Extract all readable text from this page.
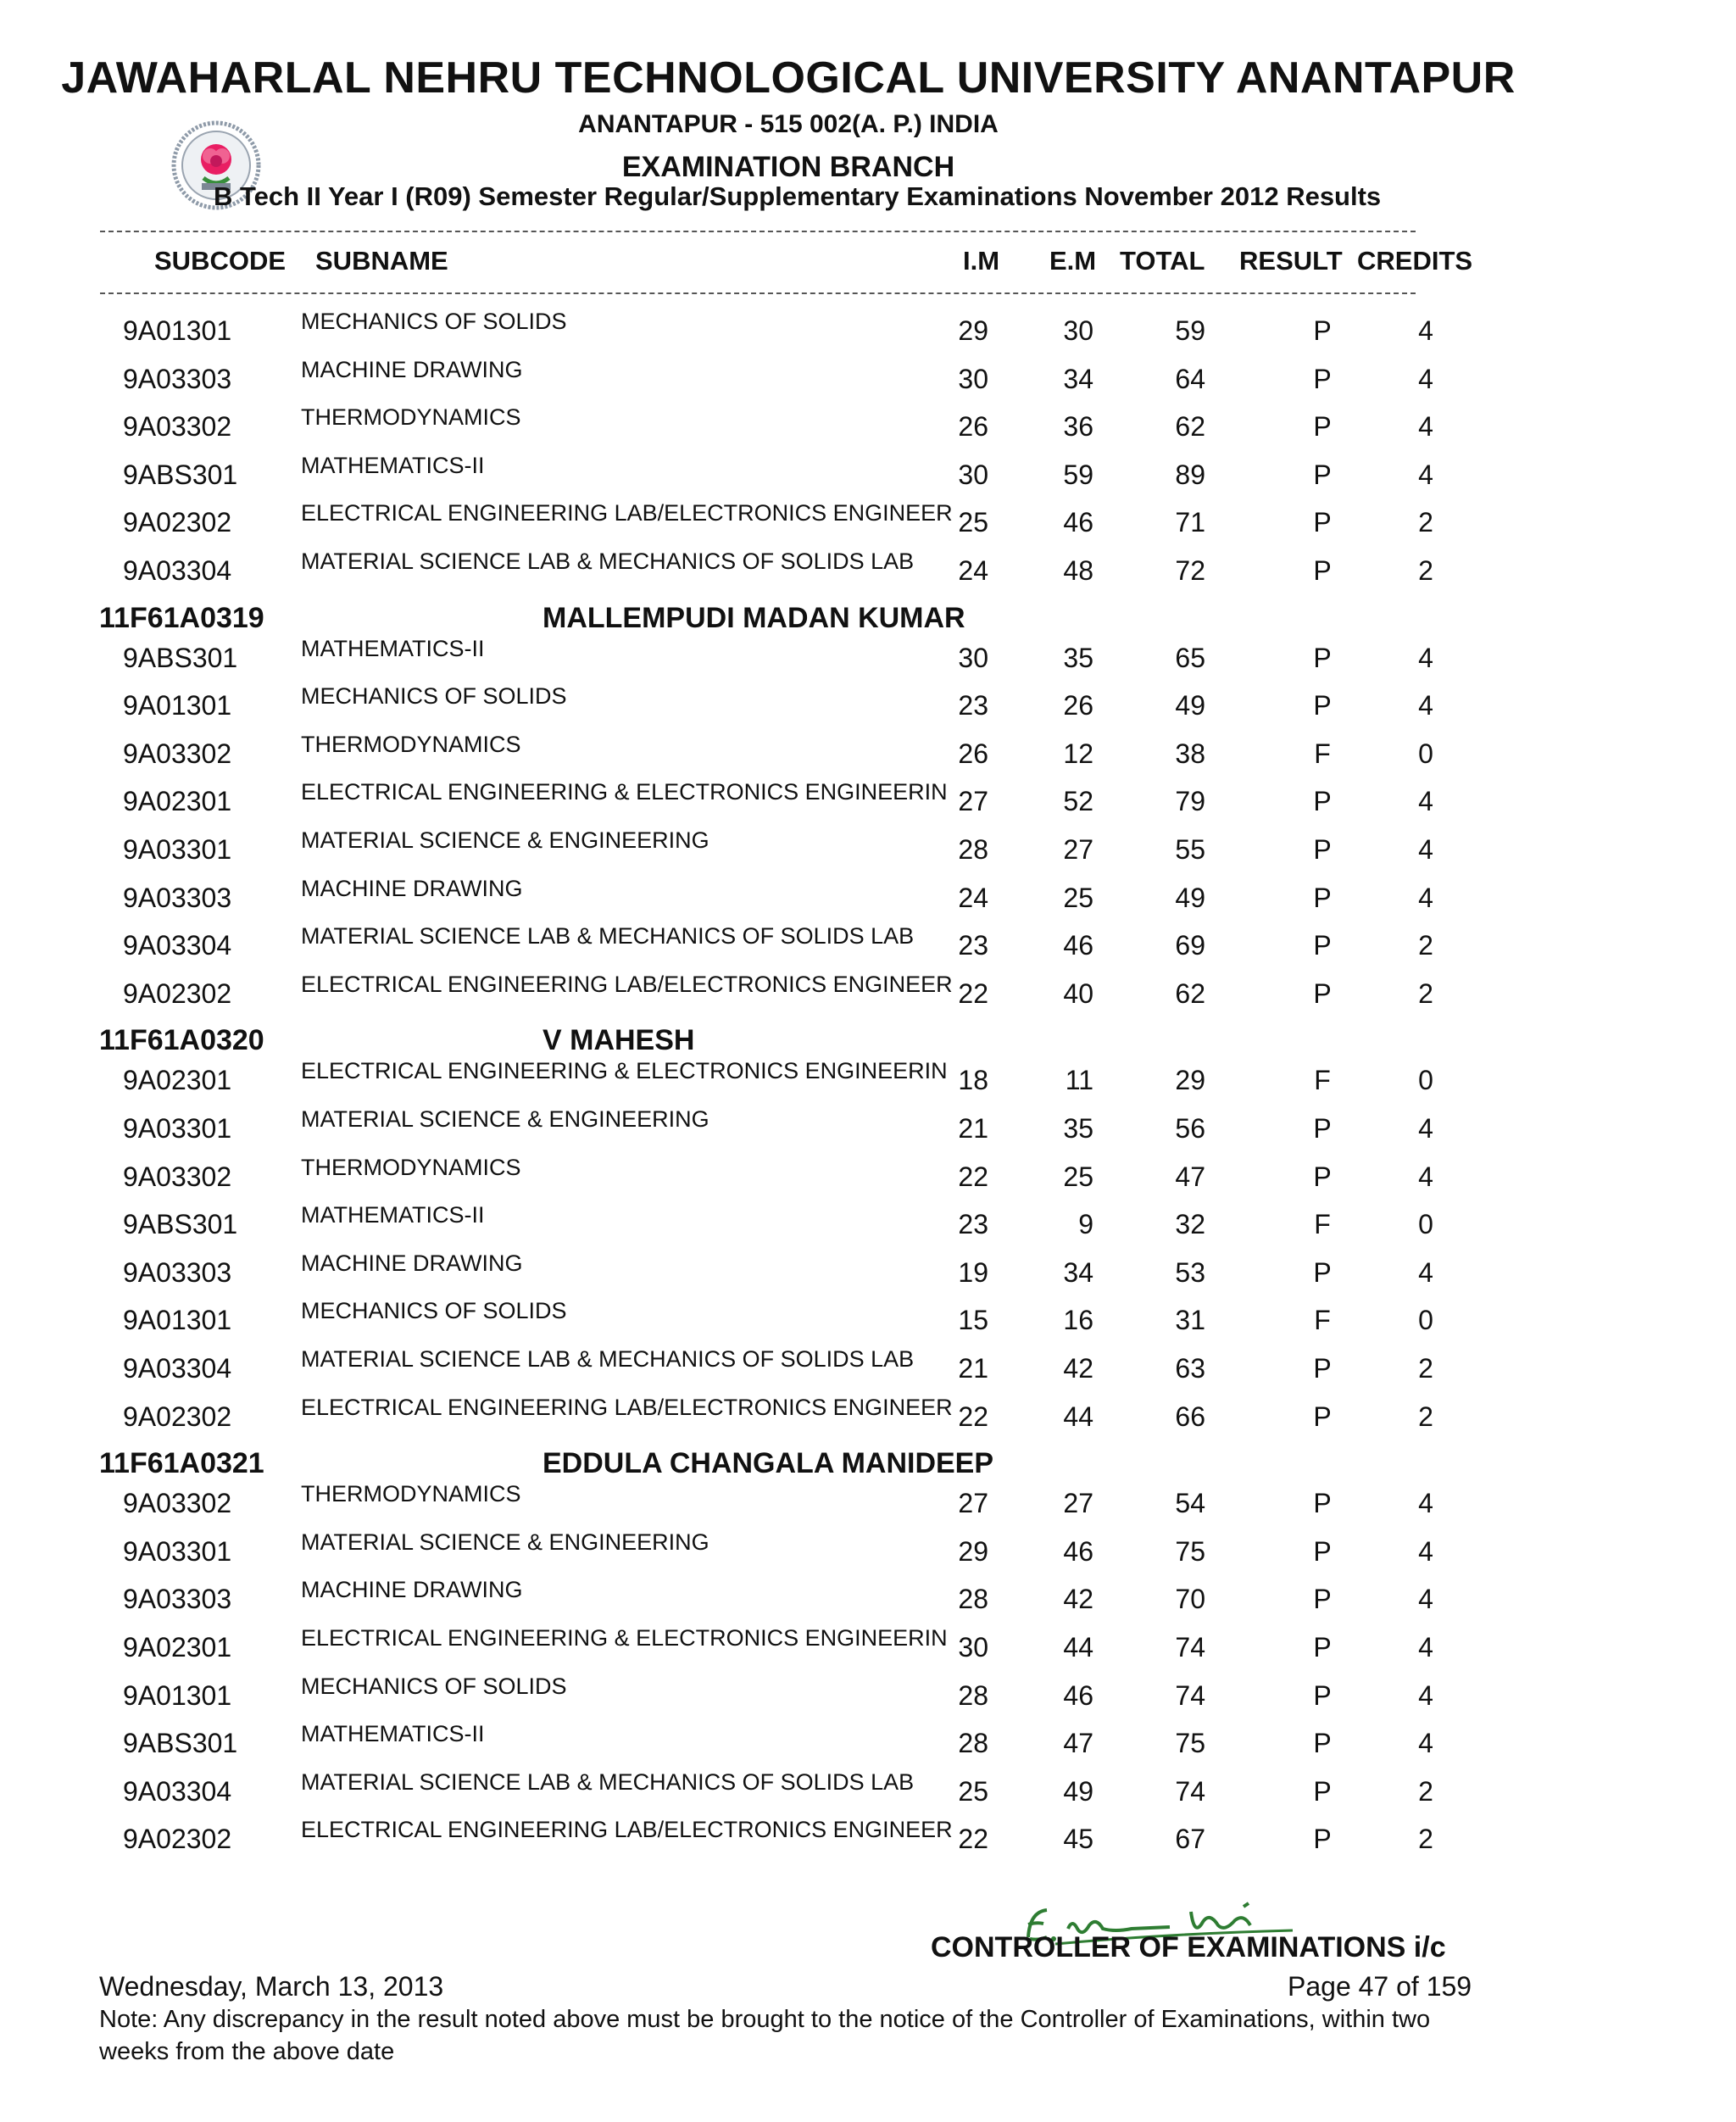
JAWAHARLAL NEHRU TECHNOLOGICAL UNIVERSITY ANANTAPUR
ANANTAPUR - 515 002(A. P.) INDIA
EXAMINATION BRANCH
B Tech II Year I (R09) Semester Regular/Supplementary Examinations November 2012 Results
SUBCODE SUBNAME	I.M E.M TOTAL RESULT CREDITS
9A01301	MECHANICS OF SOLIDS	29	30	59	P	4
9A03303	MACHINE DRAWING	30	34	64	P	4
9A03302	THERMODYNAMICS	26	36	62	P	4
9ABS301	MATHEMATICS-II	30	59	89	P	4
9A02302	ELECTRICAL ENGINEERING LAB/ELECTRONICS ENGINEER 25	46	71	P	2
9A03304	MATERIAL SCIENCE LAB & MECHANICS OF SOLIDS LAB	24	48	72	P	2
11F61A0319	MALLEMPUDI MADAN KUMAR
9ABS301	MATHEMATICS-II	30	35	65	P	4
9A01301	MECHANICS OF SOLIDS	23	26	49	P	4
9A03302	THERMODYNAMICS	26	12	38	F	0
9A02301	ELECTRICAL ENGINEERING & ELECTRONICS ENGINEERIN 27	52	79	P	4
9A03301	MATERIAL SCIENCE & ENGINEERING	28	27	55	P	4
9A03303	MACHINE DRAWING	24	25	49	P	4
9A03304	MATERIAL SCIENCE LAB & MECHANICS OF SOLIDS LAB	23	46	69	P	2
9A02302	ELECTRICAL ENGINEERING LAB/ELECTRONICS ENGINEER 22	40	62	P	2
11F61A0320	V MAHESH
9A02301	ELECTRICAL ENGINEERING & ELECTRONICS ENGINEERIN 18	11	29	F	0
9A03301	MATERIAL SCIENCE & ENGINEERING	21	35	56	P	4
9A03302	THERMODYNAMICS	22	25	47	P	4
9ABS301	MATHEMATICS-II	23	9	32	F	0
9A03303	MACHINE DRAWING	19	34	53	P	4
9A01301	MECHANICS OF SOLIDS	15	16	31	F	0
9A03304	MATERIAL SCIENCE LAB & MECHANICS OF SOLIDS LAB	21	42	63	P	2
9A02302	ELECTRICAL ENGINEERING LAB/ELECTRONICS ENGINEER 22	44	66	P	2
11F61A0321	EDDULA CHANGALA MANIDEEP
9A03302	THERMODYNAMICS	27	27	54	P	4
9A03301	MATERIAL SCIENCE & ENGINEERING	29	46	75	P	4
9A03303	MACHINE DRAWING	28	42	70	P	4
9A02301	ELECTRICAL ENGINEERING & ELECTRONICS ENGINEERIN 30	44	74	P	4
9A01301	MECHANICS OF SOLIDS	28	46	74	P	4
9ABS301	MATHEMATICS-II	28	47	75	P	4
9A03304	MATERIAL SCIENCE LAB & MECHANICS OF SOLIDS LAB	25	49	74	P	2
9A02302	ELECTRICAL ENGINEERING LAB/ELECTRONICS ENGINEER 22	45	67	P	2
CONTROLLER OF EXAMINATIONS i/c
Wednesday, March 13, 2013	Page 47 of 159
Note: Any discrepancy in the result noted above must be brought to the notice of the Controller of Examinations, within two weeks from the above date
